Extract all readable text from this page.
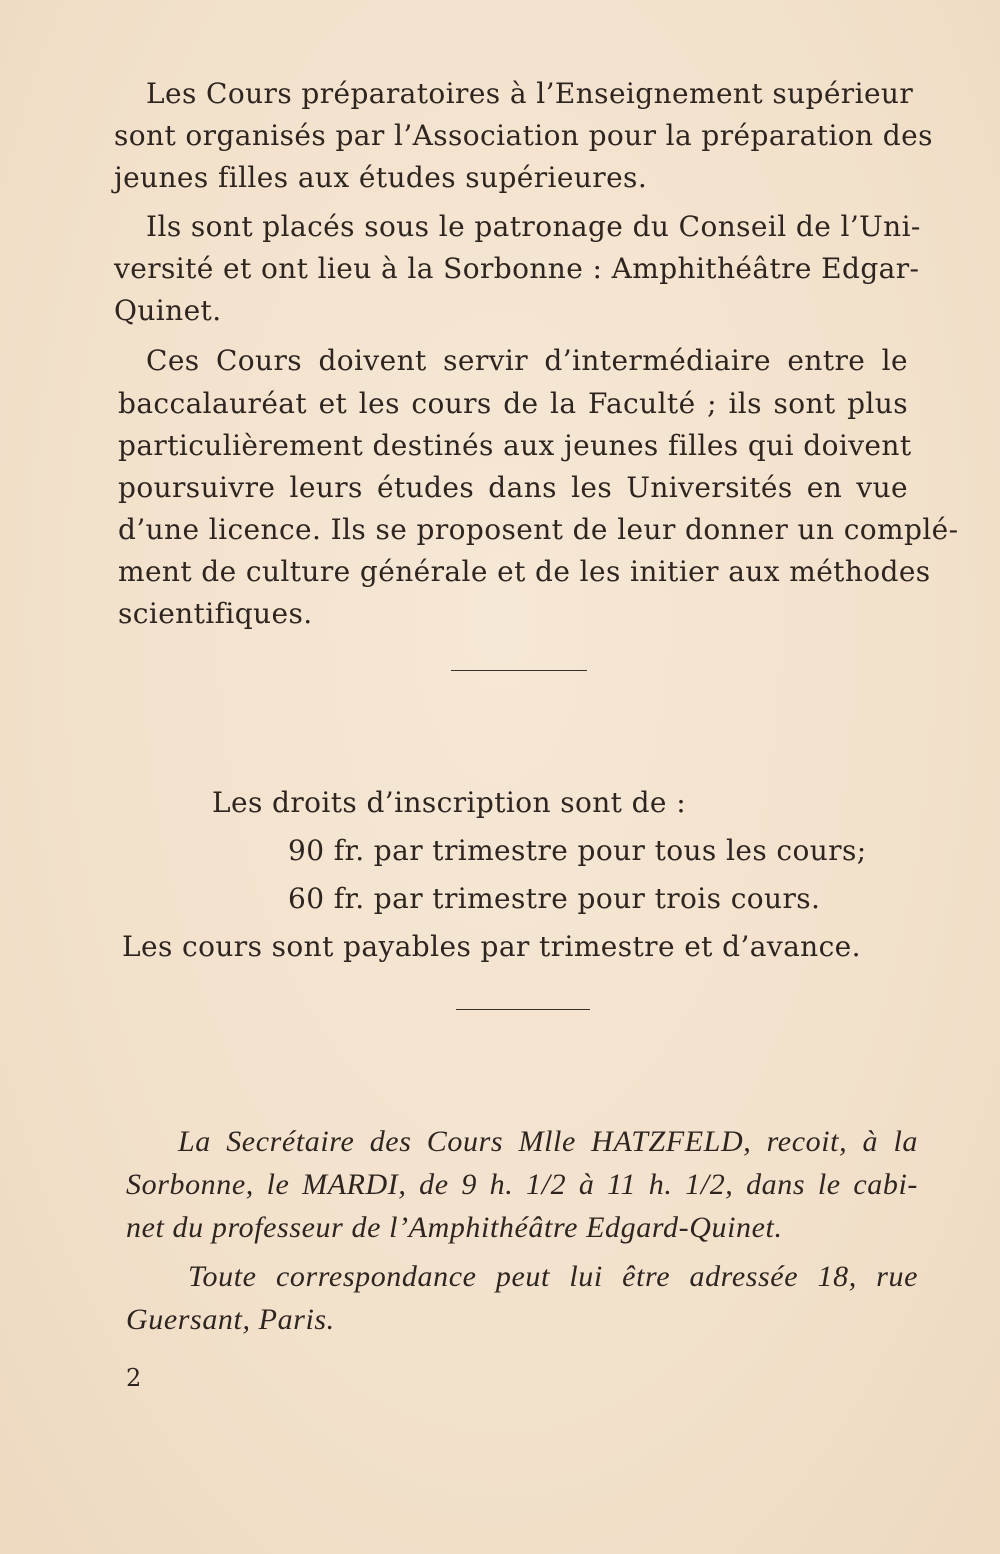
Les Cours préparatoires à l’Enseignement supérieur
sont organisés par l’Association pour la préparation des
jeunes filles aux études supérieures.
Ils sont placés sous le patronage du Conseil de l’Uni-
versité et ont lieu à la Sorbonne : Amphithéâtre Edgar-
Quinet.
Ces Cours doivent servir d’intermédiaire entre le
baccalauréat et les cours de la Faculté ; ils sont plus
particulièrement destinés aux jeunes filles qui doivent
poursuivre leurs études dans les Universités en vue
d’une licence. Ils se proposent de leur donner un complé-
ment de culture générale et de les initier aux méthodes
scientifiques.
Les droits d’inscription sont de :
90 fr. par trimestre pour tous les cours;
60 fr. par trimestre pour trois cours.
Les cours sont payables par trimestre et d’avance.
La Secrétaire des Cours Mlle HATZFELD, recoit, à la
Sorbonne, le MARDI, de 9 h. 1/2 à 11 h. 1/2, dans le cabi-
net du professeur de l’Amphithéâtre Edgard-Quinet.
Toute correspondance peut lui être adressée 18, rue
Guersant, Paris.
2
